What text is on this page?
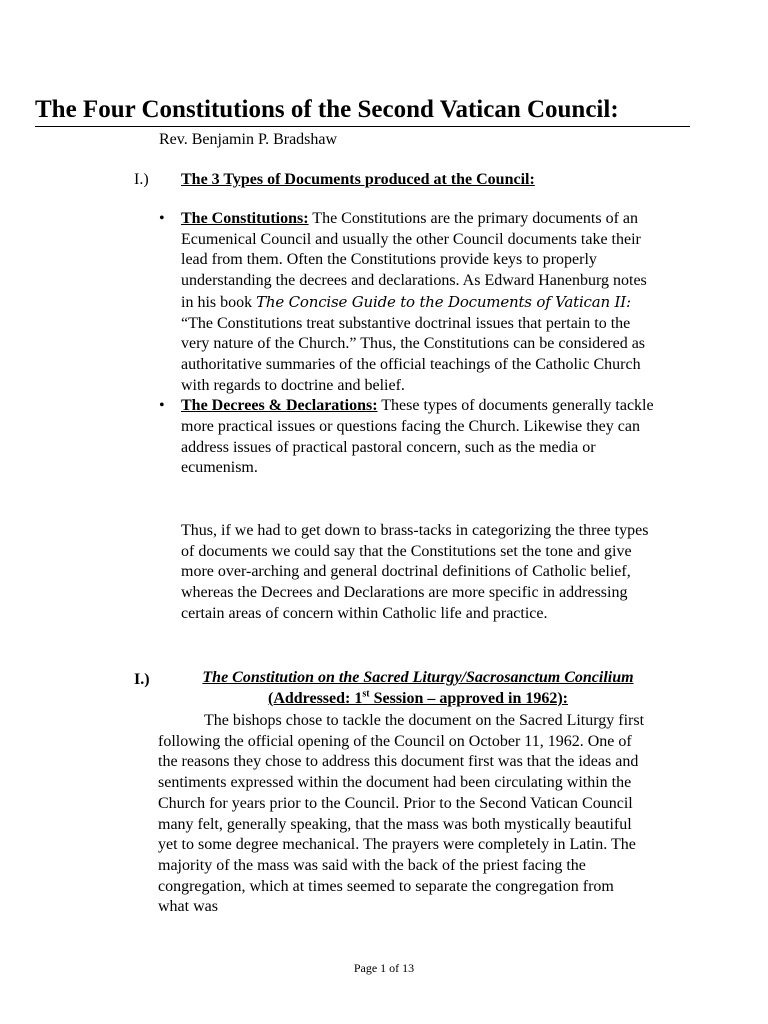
The Four Constitutions of the Second Vatican Council:
Rev. Benjamin P. Bradshaw
I.) The 3 Types of Documents produced at the Council:
• The Constitutions: The Constitutions are the primary documents of an Ecumenical Council and usually the other Council documents take their lead from them. Often the Constitutions provide keys to properly understanding the decrees and declarations. As Edward Hanenburg notes in his book The Concise Guide to the Documents of Vatican II: “The Constitutions treat substantive doctrinal issues that pertain to the very nature of the Church.” Thus, the Constitutions can be considered as authoritative summaries of the official teachings of the Catholic Church with regards to doctrine and belief.
• The Decrees & Declarations: These types of documents generally tackle more practical issues or questions facing the Church. Likewise they can address issues of practical pastoral concern, such as the media or ecumenism.

Thus, if we had to get down to brass-tacks in categorizing the three types of documents we could say that the Constitutions set the tone and give more over-arching and general doctrinal definitions of Catholic belief, whereas the Decrees and Declarations are more specific in addressing certain areas of concern within Catholic life and practice.

I.)	The Constitution on the Sacred Liturgy/Sacrosanctum Concilium
(Addressed: 1st Session – approved in 1962):

The bishops chose to tackle the document on the Sacred Liturgy first following the official opening of the Council on October 11, 1962. One of the reasons they chose to address this document first was that the ideas and sentiments expressed within the document had been circulating within the Church for years prior to the Council. Prior to the Second Vatican Council many felt, generally speaking, that the mass was both mystically beautiful yet to some degree mechanical. The prayers were completely in Latin. The majority of the mass was said with the back of the priest facing the congregation, which at times seemed to separate the congregation from what was

Page 1 of 13
